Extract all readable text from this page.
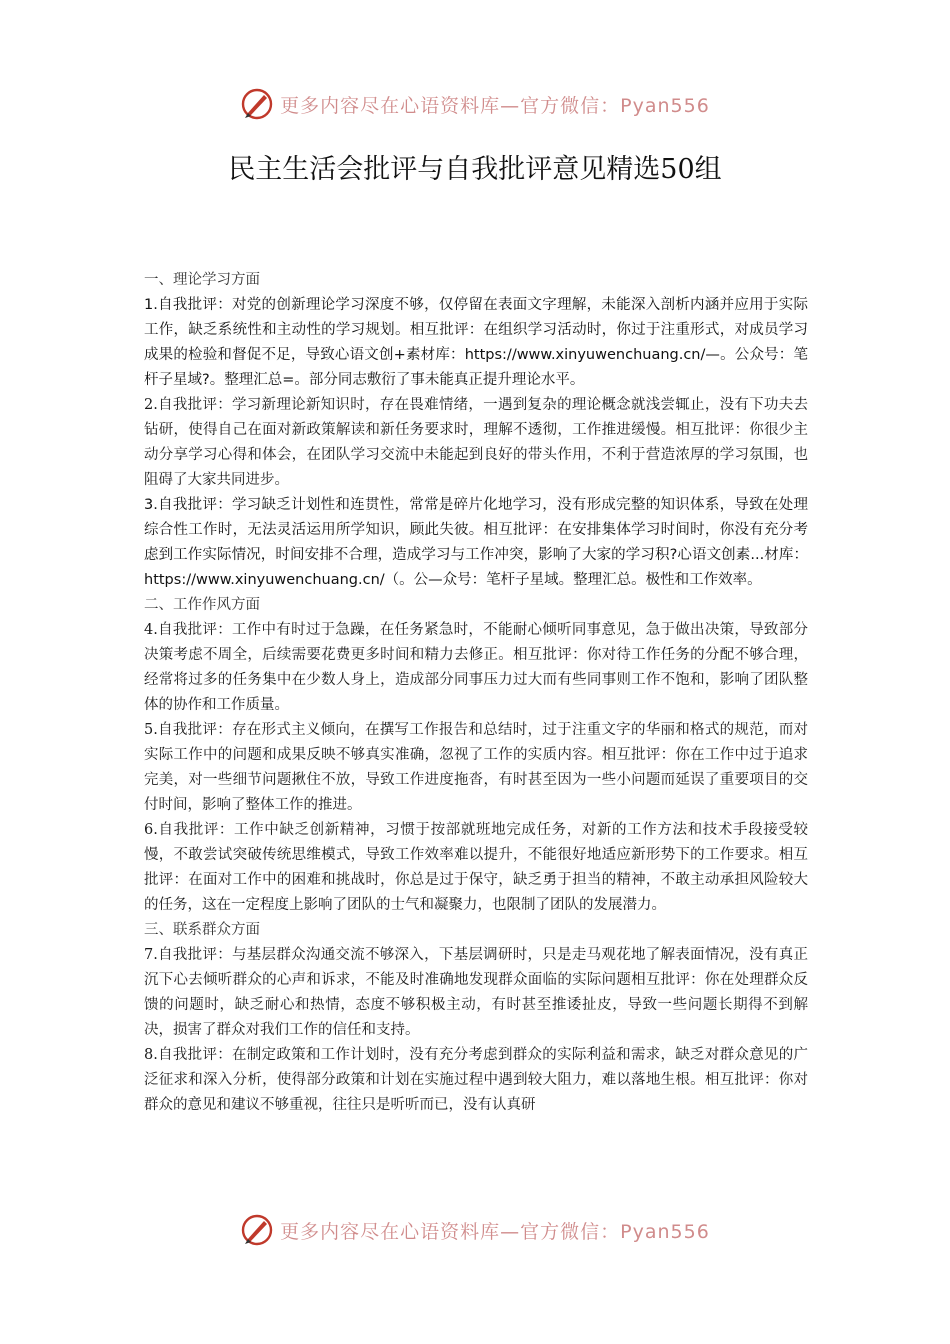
更多内容尽在心语资料库—官方微信：Pyan556
民主生活会批评与自我批评意见精选50组

一、理论学习方面

1.自我批评：对党的创新理论学习深度不够，仅停留在表面文字理解，未能深入剖析内涵并应用于实际工作，缺乏系统性和主动性的学习规划。相互批评：在组织学习活动时，你过于注重形式，对成员学习成果的检验和督促不足，导致心语文创+素材库：https://www.xinyuwenchuang.cn/—。公众号：笔杆子星域?。整理汇总=。部分同志敷衍了事未能真正提升理论水平。

2.自我批评：学习新理论新知识时，存在畏难情绪，一遇到复杂的理论概念就浅尝辄止，没有下功夫去钻研，使得自己在面对新政策解读和新任务要求时，理解不透彻，工作推进缓慢。相互批评：你很少主动分享学习心得和体会，在团队学习交流中未能起到良好的带头作用，不利于营造浓厚的学习氛围，也阻碍了大家共同进步。

3.自我批评：学习缺乏计划性和连贯性，常常是碎片化地学习，没有形成完整的知识体系，导致在处理综合性工作时，无法灵活运用所学知识，顾此失彼。相互批评：在安排集体学习时间时，你没有充分考虑到工作实际情况，时间安排不合理，造成学习与工作冲突，影响了大家的学习积?心语文创素...材库：https://www.xinyuwenchuang.cn/（。公—众号：笔杆子星域。整理汇总。极性和工作效率。

二、工作作风方面

4.自我批评：工作中有时过于急躁，在任务紧急时，不能耐心倾听同事意见，急于做出决策，导致部分决策考虑不周全，后续需要花费更多时间和精力去修正。相互批评：你对待工作任务的分配不够合理，经常将过多的任务集中在少数人身上，造成部分同事压力过大而有些同事则工作不饱和，影响了团队整体的协作和工作质量。

5.自我批评：存在形式主义倾向，在撰写工作报告和总结时，过于注重文字的华丽和格式的规范，而对实际工作中的问题和成果反映不够真实准确，忽视了工作的实质内容。相互批评：你在工作中过于追求完美，对一些细节问题揪住不放，导致工作进度拖沓，有时甚至因为一些小问题而延误了重要项目的交付时间，影响了整体工作的推进。

6.自我批评：工作中缺乏创新精神，习惯于按部就班地完成任务，对新的工作方法和技术手段接受较慢，不敢尝试突破传统思维模式，导致工作效率难以提升，不能很好地适应新形势下的工作要求。相互批评：在面对工作中的困难和挑战时，你总是过于保守，缺乏勇于担当的精神，不敢主动承担风险较大的任务，这在一定程度上影响了团队的士气和凝聚力，也限制了团队的发展潜力。

三、联系群众方面

7.自我批评：与基层群众沟通交流不够深入，下基层调研时，只是走马观花地了解表面情况，没有真正沉下心去倾听群众的心声和诉求，不能及时准确地发现群众面临的实际问题相互批评：你在处理群众反馈的问题时，缺乏耐心和热情，态度不够积极主动，有时甚至推诿扯皮，导致一些问题长期得不到解决，损害了群众对我们工作的信任和支持。

8.自我批评：在制定政策和工作计划时，没有充分考虑到群众的实际利益和需求，缺乏对群众意见的广泛征求和深入分析，使得部分政策和计划在实施过程中遇到较大阻力，难以落地生根。相互批评：你对群众的意见和建议不够重视，往往只是听听而已，没有认真研

更多内容尽在心语资料库—官方微信：Pyan556
